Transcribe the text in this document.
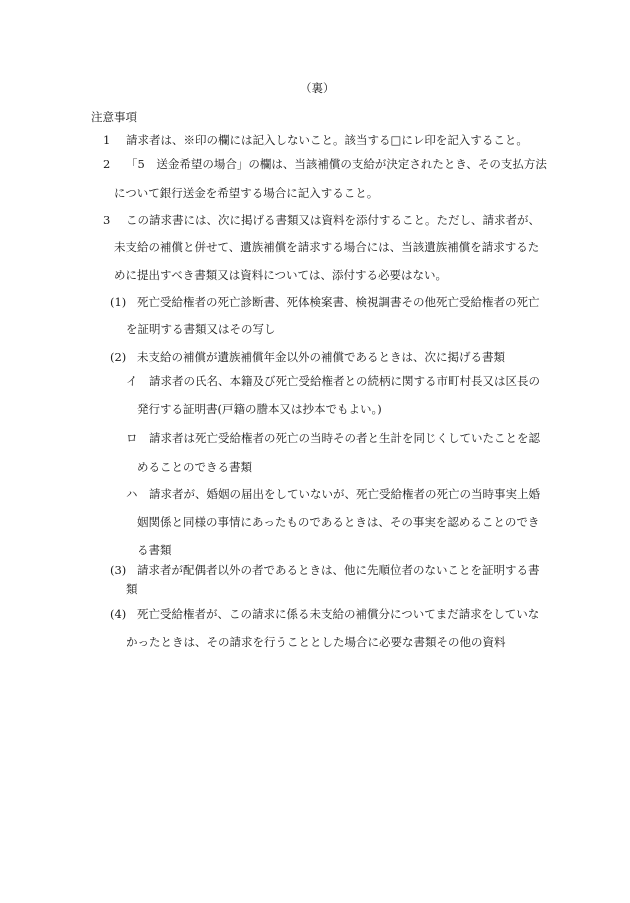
（裏）
注意事項
1 請求者は、※印の欄には記入しないこと。該当する□にレ印を記入すること。
2 「5　送金希望の場合」の欄は、当該補償の支給が決定されたとき、その支払方法
について銀行送金を希望する場合に記入すること。
3 この請求書には、次に掲げる書類又は資料を添付すること。ただし、請求者が、
未支給の補償と併せて、遺族補償を請求する場合には、当該遺族補償を請求するた
めに提出すべき書類又は資料については、添付する必要はない。
(1) 死亡受給権者の死亡診断書、死体検案書、検視調書その他死亡受給権者の死亡
を証明する書類又はその写し
(2) 未支給の補償が遺族補償年金以外の補償であるときは、次に掲げる書類
イ 請求者の氏名、本籍及び死亡受給権者との続柄に関する市町村長又は区長の
発行する証明書(戸籍の謄本又は抄本でもよい。)
ロ 請求者は死亡受給権者の死亡の当時その者と生計を同じくしていたことを認
めることのできる書類
ハ 請求者が、婚姻の届出をしていないが、死亡受給権者の死亡の当時事実上婚
姻関係と同様の事情にあったものであるときは、その事実を認めることのでき
る書類
(3) 請求者が配偶者以外の者であるときは、他に先順位者のないことを証明する書
類
(4) 死亡受給権者が、この請求に係る未支給の補償分についてまだ請求をしていな
かったときは、その請求を行うこととした場合に必要な書類その他の資料
